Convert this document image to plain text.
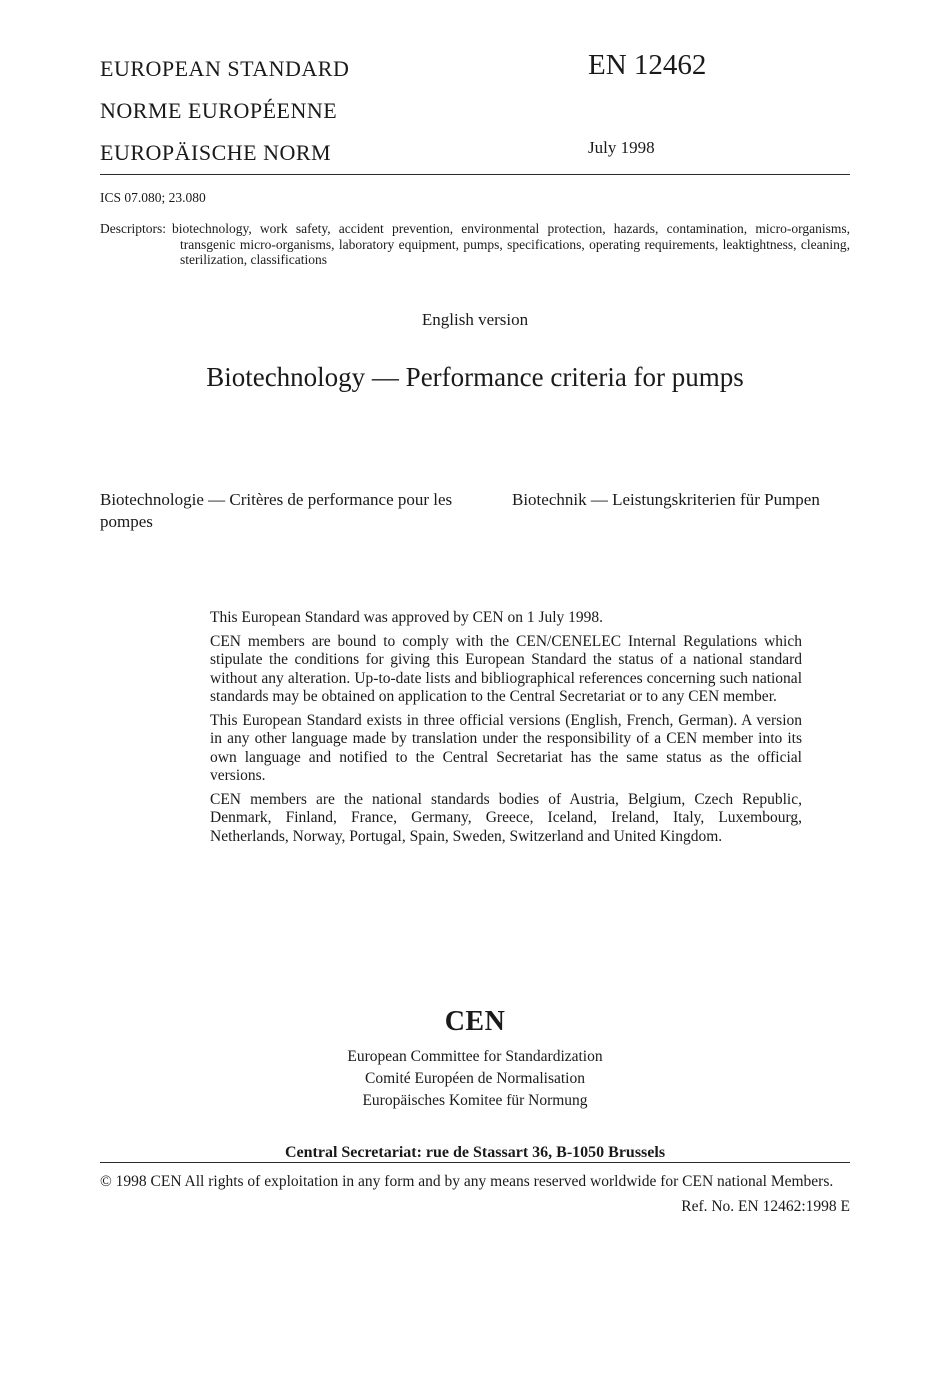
EUROPEAN STANDARD
NORME EUROPÉENNE
EUROPÄISCHE NORM
EN 12462
July 1998
ICS 07.080; 23.080
Descriptors: biotechnology, work safety, accident prevention, environmental protection, hazards, contamination, micro-organisms, transgenic micro-organisms, laboratory equipment, pumps, specifications, operating requirements, leaktightness, cleaning, sterilization, classifications
English version
Biotechnology — Performance criteria for pumps
Biotechnologie — Critères de performance pour les pompes
Biotechnik — Leistungskriterien für Pumpen

This European Standard was approved by CEN on 1 July 1998.

CEN members are bound to comply with the CEN/CENELEC Internal Regulations which stipulate the conditions for giving this European Standard the status of a national standard without any alteration. Up-to-date lists and bibliographical references concerning such national standards may be obtained on application to the Central Secretariat or to any CEN member.

This European Standard exists in three official versions (English, French, German). A version in any other language made by translation under the responsibility of a CEN member into its own language and notified to the Central Secretariat has the same status as the official versions.

CEN members are the national standards bodies of Austria, Belgium, Czech Republic, Denmark, Finland, France, Germany, Greece, Iceland, Ireland, Italy, Luxembourg, Netherlands, Norway, Portugal, Spain, Sweden, Switzerland and United Kingdom.

CEN
European Committee for Standardization
Comité Européen de Normalisation
Europäisches Komitee für Normung
Central Secretariat: rue de Stassart 36, B-1050 Brussels
© 1998 CEN All rights of exploitation in any form and by any means reserved worldwide for CEN national Members.
Ref. No. EN 12462:1998 E
